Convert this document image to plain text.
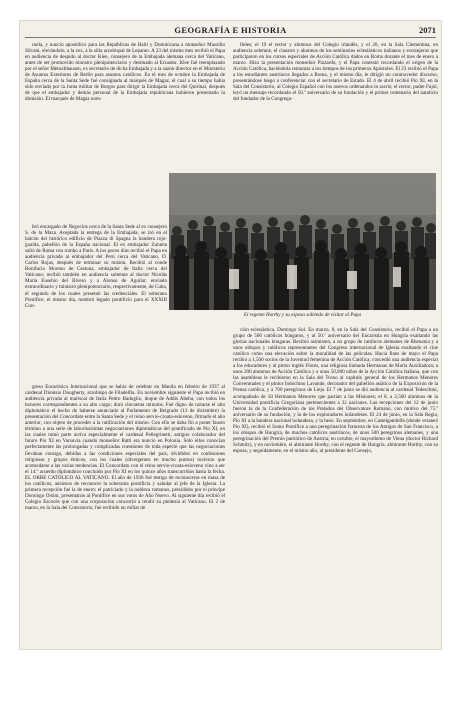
GEOGRAFÍA E HISTORIA	2071

ruela, y nuncio apostólico para las Repúblicas de Haití y Dominicana a monseñor Maurilio Silvani, elevándolo, a la vez, a la silla arzobispal de Lepanto. A 23 del mismo mes recibió el Papa en audiencia de despido al doctor Klee, consejero de la Embajada alemana cerca del Vaticano, antes de ser promovido ministro plenipotenciario y destinado al Ecuador. Klee fué reemplazado por el señor Menschhausen, ex secretario de dicha Embajada y a la sazón director en el Ministerio de Asuntos Exteriores de Berlín para asuntos católicos. En el mes de octubre la Embajada de España cerca de la Santa Sede fué consignada al marqués de Magaz, el cual a su tiempo había sido enviado por la Junta militar de Burgos para dirigir la Embajada cerca del Quirinal, después de que el embajador y demás personal de la Embajada republicana hubieron presentado la dimisión. El marqués de Magaz nom-

bró encargado de Negocios cerca de la Santa Sede al ex consejero S. de la Maza. Aceptada la entrega de la Embajada, se izó en el balcón del histórico edificio de Piazza di Spagna la bandera rojo-gualda, pabellón de la España nacional. El ex embajador Zulueta salió de Roma con rumbo a París. A los pocos días recibió el Papa en audiencia privada al embajador del Perú cerca del Vaticano, D. Carlos Rojas, después de terminar su misión. Recibió al conde Bonifacio Moreno de Cestona, embajador de Italia cerca del Vaticano; recibió también en audiencia solemne al doctor Nicolás María Eusebio del Rivero y a Alonso de Aguilar, enviado extraordinario y ministro plenipotenciario, respectivamente, de Cuba, el segundo de los cuales presentó las credenciales. El soberano Pontífice, el mismo día, nombró legado pontificio para el XXXIII Con-

greso Eucarístico Internacional que se había de celebrar en Manila en febrero de 1937 al cardenal Dionisio Dougherty, arzobispo de Filadelfia. En noviembre siguiente el Papa recibió en audiencia privada al mariscal de Italia Pedro Badoglio, duque de Addis Abeba, con todos los honores correspondientes a su alto cargo; duró cincuenta minutos. Fué digno de notarse el alto diplomático el hecho de haberse anunciado al Parlamento de Belgrado (13 de diciembre) la presentación del Concordato entre la Santa Sede y el reino servio-croata-esloveno, firmado el año anterior, con objeto de proceder a la ratificación del mismo. Con ello se daba fin a poner fausto término a una serie de laboriosísimas negociaciones diplomáticas del pontificado de Pío XI, en las cuales tomó parte activa especialmente el cardenal Pellegrinetti, antiguo colaborador del futuro Pío XI en Varsovia cuando monseñor Ratti era nuncio en Polonia. Sólo ellos conocían perfectamente las prolongadas y complicadas cuestiones de toda especie que las negociaciones llevaban consigo, debidas a las condiciones especiales del país, divididos en confesiones religiosas y grupos étnicos, con los cuales (divergentes en mucho puntos) tuvieron que acomodarse a las varias tendencias. El Concordato con el reino servio-croata-esloveno vino a ser el 14.º acuerdo diplomático concluido por Pío XI en los quince años transcurridos hasta la fecha. EL ORBE CATÓLICO AL VATICANO. El año de 1936 fué testigo de reconocerse en masa de los católicos, ansiosos de reconocer la soberanía pontificia y saludar al jefe de la Iglesia. La primera recepción fué la de enero: el patriciado y la nobleza romanos, presididos por el príncipe Domingo Orsini, presentaron al Pontífice en sus votos de Año Nuevo. Al siguiente día recibió el Colegio Escocés que con una corporación concurrió a rendir su pleitesía al Vaticano. El 2 de marzo, en la Sala del Consistorio, fué recibido un millar de

fieles; el 19 el rector y alumnos del Colegio irlandés, y el 20, en la Sala Clementina, en audiencia solemne, el claustro y alumnos de los seminarios eclesiásticos italianos y extranjeros que participaron en los cursos especiales de Acción Católica dados en Roma durante el mes de enero a marzo. Hizo la presentación monseñor Pizzardo, y el Papa contestó recordando el origen de la Acción Católica, haciéndola remontar a los tiempos de los primeros Apóstoles. El 23 recibió el Papa a los estudiantes austríacos llegados a Roma, y el mismo día, le dirigió un conmovedor discurso, presentándose luego a conferenciar con el secretario de Estado. El 4 de abril recibió Pío XI, en la Sala del Consistorio, al Colegio Español con los nuevos ordenandos in sacris; el rector, padre Fujol, leyó un mensaje recordando el 50.º aniversario de su fundación y el primer centenario del natalicio del fundador de la Congrega-

El regente Horthy y su esposa saliendo de visitar al Papa

ción eclesiástica, Domingo Sol. En marzo, 8, en la Sala del Consistorio, recibió el Papa a un grupo de 500 católicos húngaros, y al 50.º aniversario del Eucaristía en Hungría exaltando las glorias nacionales húngaras. Recibió asimismo, a un grupo de católicos alemanes de Rhenania y a unos obispos y católicos representantes del Congreso internacional de Iglesia exaltando el cine católico como una elevación sobre la moralidad de las películas. Hacia fines de mayo el Papa recibió a 1,500 socios de la Juventud femenina de Acción Católica; concedió una audiencia especial a los educadores y al pintor inglés Flores, una religiosa llamada Hermanas de María Auxiliadora; a unos 200 alumnos de Acción Católica y a unos 50,000 niños de la Acción Católica Italiana, que con las asambleas le recibieron en la Sala del Trono al capítulo general de los Hermanos Menores Conventuales y el pintor Indochino Lavande, decorador del pabellón asiático de la Exposición de la Prensa católica, y a 700 peregrinos de Lieja. El 7 de junio se dió audiencia al cardenal Tedeschini, acompañado de 50 Hermanos Menores que partían a las Misiones; el 8, a 2,500 alumnos de la Universidad pontificia Gregoriana pertenecientes a 32 naciones. Las recepciones del 12 de junio fueron la de la Confederación de los Prelados del Observatore Romano, con motivo del 75.º aniversario de su fundación, y la de los exploradores holandeses. El 24 de junio, en la Sala Regia, Pío XI a la bandera nacional holandesa, y la besó. En septiembre, en Castelgandolfo (donde veraneó Pío XI), recibió el Sumo Pontífice a una peregrinación francesa de los Amigos de San Francisco, a los obispos de Hungría, de muchos católicos austríacos, de unos 500 peregrinos alemanes, y una peregrinación del Premio patriótico de Austria; en octubre, el mayordomo de Viena (doctor Richard Schmitz), y en noviembre, el almirante Horthy, con el regente de Hungría, almirante Horthy, con su esposa, y seguidamente, en el mismo año, al presidente del Consejo,
